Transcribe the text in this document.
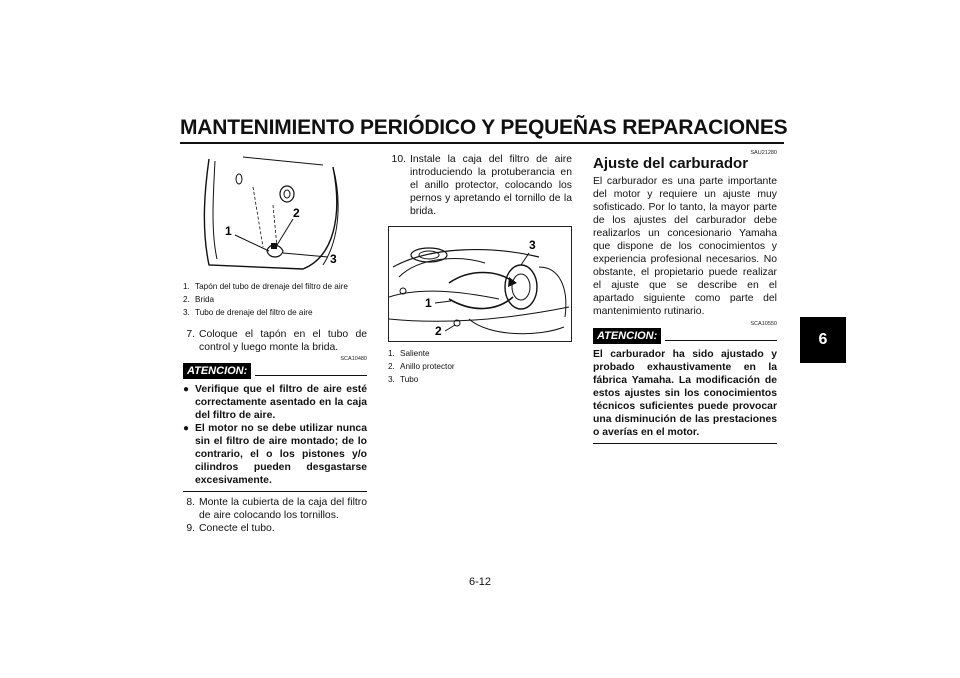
MANTENIMIENTO PERIÓDICO Y PEQUEÑAS REPARACIONES
6
1
2
3
1. Tapón del tubo de drenaje del filtro de aire
2. Brida
3. Tubo de drenaje del filtro de aire
7. Coloque el tapón en el tubo de control y luego monte la brida.
SCA10480
ATENCION:
● Verifique que el filtro de aire esté correctamente asentado en la caja del filtro de aire.
● El motor no se debe utilizar nunca sin el filtro de aire montado; de lo contrario, el o los pistones y/o cilindros pueden desgastarse excesivamente.
8. Monte la cubierta de la caja del filtro de aire colocando los tornillos.
9. Conecte el tubo.
10. Instale la caja del filtro de aire introduciendo la protuberancia en el anillo protector, colocando los pernos y apretando el tornillo de la brida.
1
2
3
1. Saliente
2. Anillo protector
3. Tubo
SAU21280
Ajuste del carburador
El carburador es una parte importante del motor y requiere un ajuste muy sofisticado. Por lo tanto, la mayor parte de los ajustes del carburador debe realizarlos un concesionario Yamaha que dispone de los conocimientos y experiencia profesional necesarios. No obstante, el propietario puede realizar el ajuste que se describe en el apartado siguiente como parte del mantenimiento rutinario.
SCA10550
ATENCION:
El carburador ha sido ajustado y probado exhaustivamente en la fábrica Yamaha. La modificación de estos ajustes sin los conocimientos técnicos suficientes puede provocar una disminución de las prestaciones o averías en el motor.
6-12
